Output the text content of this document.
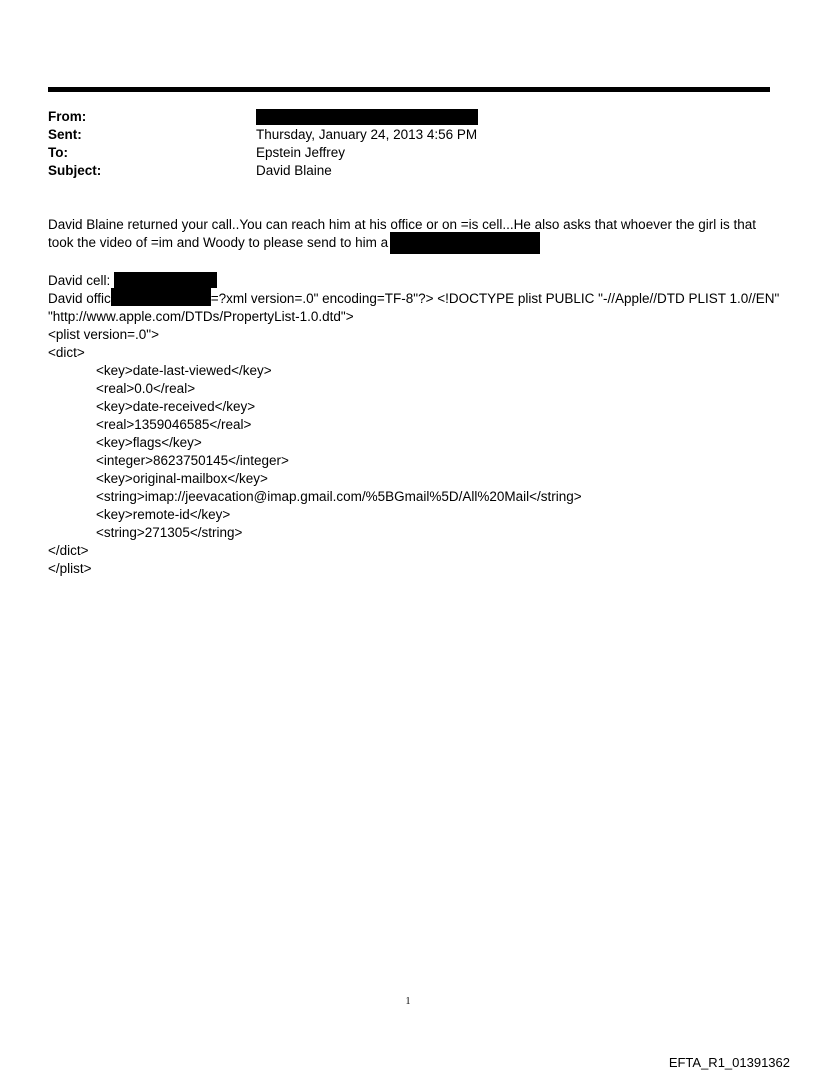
From:
Sent:	Thursday, January 24, 2013 4:56 PM
To:	Epstein Jeffrey
Subject:	David Blaine

David Blaine returned your call..You can reach him at his office or on =is cell...He also asks that whoever the girl is that

took the video of =im and Woody to please send to him a

David cell:

David offic	=?xml version=.0" encoding=TF-8"?> <!DOCTYPE plist PUBLIC "-//Apple//DTD PLIST 1.0//EN"

"http://www.apple.com/DTDs/PropertyList-1.0.dtd">

<plist version=.0">

<dict>

<key>date-last-viewed</key>

<real>0.0</real>

<key>date-received</key>

<real>1359046585</real>

<key>flags</key>

<integer>8623750145</integer>

<key>original-mailbox</key>

<string>imap://jeevacation@imap.gmail.com/%5BGmail%5D/All%20Mail</string>

<key>remote-id</key>

<string>271305</string>

</dict>

</plist>

1
EFTA_R1_01391362
